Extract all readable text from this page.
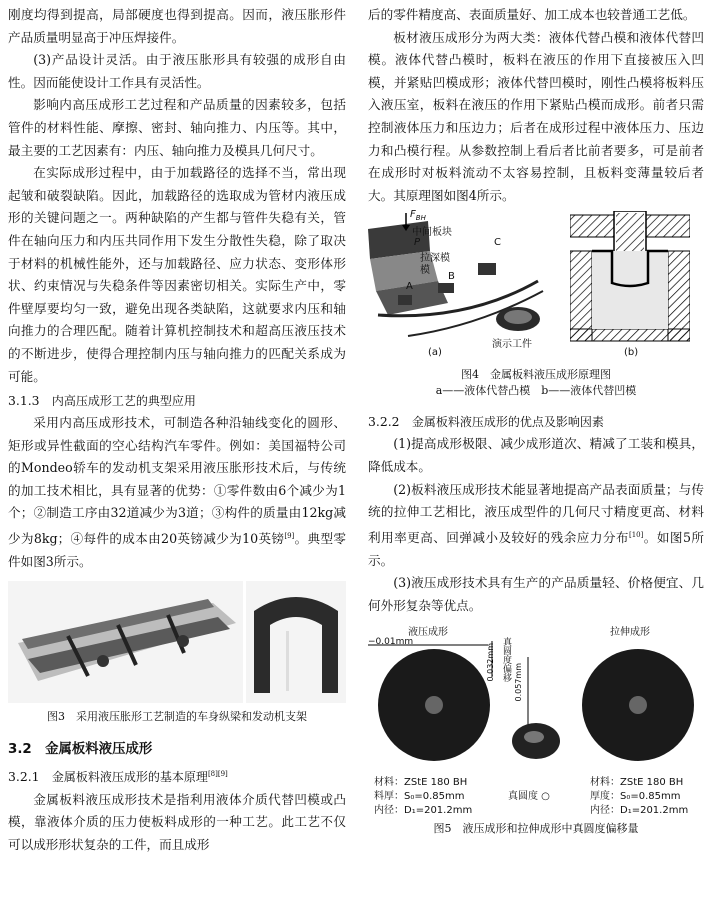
刚度均得到提高，局部硬度也得到提高。因而，液压胀形件产品质量明显高于冲压焊接件。

(3)产品设计灵活。由于液压胀形具有较强的成形自由性。因而能使设计工作具有灵活性。

影响内高压成形工艺过程和产品质量的因素较多，包括管件的材料性能、摩擦、密封、轴向推力、内压等。其中，最主要的工艺因素有：内压、轴向推力及模具几何尺寸。

在实际成形过程中，由于加载路径的选择不当，常出现起皱和破裂缺陷。因此，加载路径的选取成为管材内液压成形的关键问题之一。两种缺陷的产生都与管件失稳有关，管件在轴向压力和内压共同作用下发生分散性失稳，除了取决于材料的机械性能外，还与加载路径、应力状态、变形体形状、约束情况与失稳条件等因素密切相关。实际生产中，零件壁厚要均匀一致，避免出现各类缺陷，这就要求内压和轴向推力的合理匹配。随着计算机控制技术和超高压液压技术的不断进步，使得合理控制内压与轴向推力的匹配关系成为可能。

3.1.3　 内高压成形工艺的典型应用

采用内高压成形技术，可制造各种沿轴线变化的圆形、矩形或异性截面的空心结构汽车零件。例如：美国福特公司的Mondeo轿车的发动机支架采用液压胀形技术后，与传统的加工技术相比，具有显著的优势：①零件数由6个减少为1个；②制造工序由32道减少为3道；③构件的质量由12kg减少为8kg；④每件的成本由20英镑减少为10英镑[9]。典型零件如图3所示。

图3　采用液压胀形工艺制造的车身纵梁和发动机支架

3.2　金属板料液压成形
3.2.1　 金属板料液压成形的基本原理[8][9]

金属板料液压成形技术是指利用液体介质代替凹模或凸模，靠液体介质的压力使板料成形的一种工艺。此工艺不仅可以成形形状复杂的工件，而且成形

后的零件精度高、表面质量好、加工成本也较普通工艺低。

板材液压成形分为两大类：液体代替凸模和液体代替凹模。液体代替凸模时，板料在液压的作用下直接被压入凹模，并紧贴凹模成形；液体代替凹模时，刚性凸模将板料压入液压室，板料在液压的作用下紧贴凸模而成形。前者只需控制液体压力和压边力；后者在成形过程中液体压力、压边力和凸模行程。从参数控制上看后者比前者要多，可是前者在成形时对板料流动不太容易控制，且板料变薄量较后者大。其原理图如图4所示。

$F_{BH}$
中间板块
P
拉深模
模
A
B
C
演示工件
(a)	(b)

图4　金属板料液压成形原理图

a——液体代替凸模　b——液体代替凹模

3.2.2　 金属板料液压成形的优点及影响因素

(1)提高成形极限、减少成形道次、精减了工装和模具，降低成本。

(2)板料液压成形技术能显著地提高产品表面质量；与传统的拉伸工艺相比，液压成型件的几何尺寸精度更高、材料利用率更高、回弹减小及较好的残余应力分布[10]。如图5所示。

(3)液压成形技术具有生产的产品质量轻、价格便宜、几何外形复杂等优点。

液压成形	拉伸成形
−0.01mm
0.032mm 真圆度偏移
0.057mm
材料：ZStE 180 BH
料厚：S₀=0.85mm
内径：D₁=201.2mm
真圆度 ○
材料：ZStE 180 BH
厚度：S₀=0.85mm
内径：D₁=201.2mm

图5　液压成形和拉伸成形中真圆度偏移量
